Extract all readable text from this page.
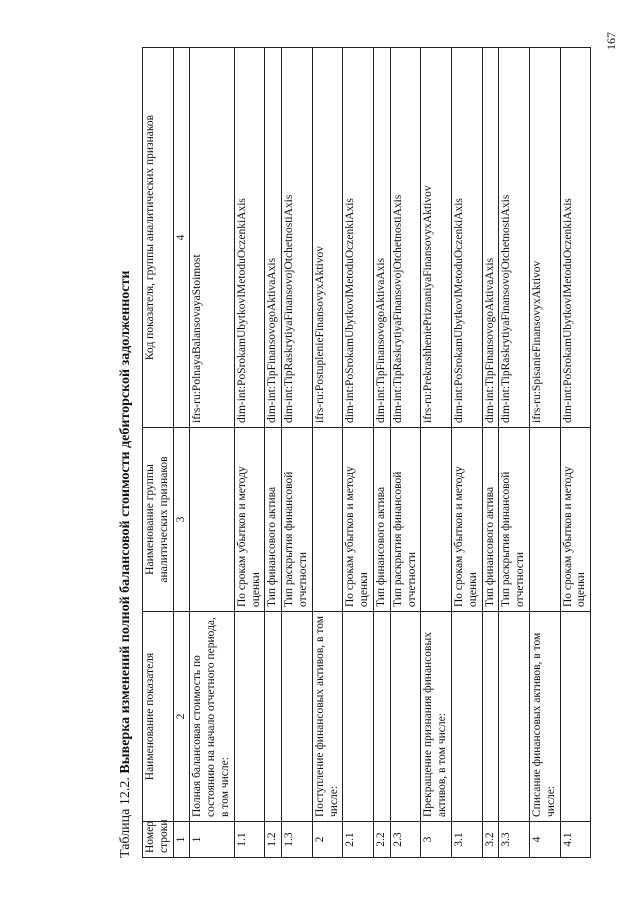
167
Таблица 12.2. Выверка изменений полной балансовой стоимости дебиторской задолженности
Номер строки	Наименование показателя	Наименование группы аналитических признаков	Код показателя, группы аналитических признаков
1	2	3	4
1	Полная балансовая стоимость по состоянию на начало отчетного периода, в том числе:		ifrs-ru:PolnayaBalansovayaStoimost
1.1		По срокам убытков и методу оценки	dim-int:PoSrokamUbytkovIMetoduOczenkiAxis
1.2		Тип финансового актива	dim-int:TipFinansovogoAktivaAxis
1.3		Тип раскрытия финансовой отчетности	dim-int:TipRaskrytiyaFinansovojOtchetnostiAxis
2	Поступление финансовых активов, в том числе:		ifrs-ru:PostuplenieFinansovyxAktivov
2.1		По срокам убытков и методу оценки	dim-int:PoSrokamUbytkovIMetoduOczenkiAxis
2.2		Тип финансового актива	dim-int:TipFinansovogoAktivaAxis
2.3		Тип раскрытия финансовой отчетности	dim-int:TipRaskrytiyaFinansovojOtchetnostiAxis
3	Прекращение признания финансовых активов, в том числе:		ifrs-ru:PrekrashheniePriznaniyaFinansovyxAktivov
3.1		По срокам убытков и методу оценки	dim-int:PoSrokamUbytkovIMetoduOczenkiAxis
3.2		Тип финансового актива	dim-int:TipFinansovogoAktivaAxis
3.3		Тип раскрытия финансовой отчетности	dim-int:TipRaskrytiyaFinansovojOtchetnostiAxis
4	Списание финансовых активов, в том числе:		ifrs-ru:SpisanieFinansovyxAktivov
4.1		По срокам убытков и методу оценки	dim-int:PoSrokamUbytkovIMetoduOczenkiAxis
